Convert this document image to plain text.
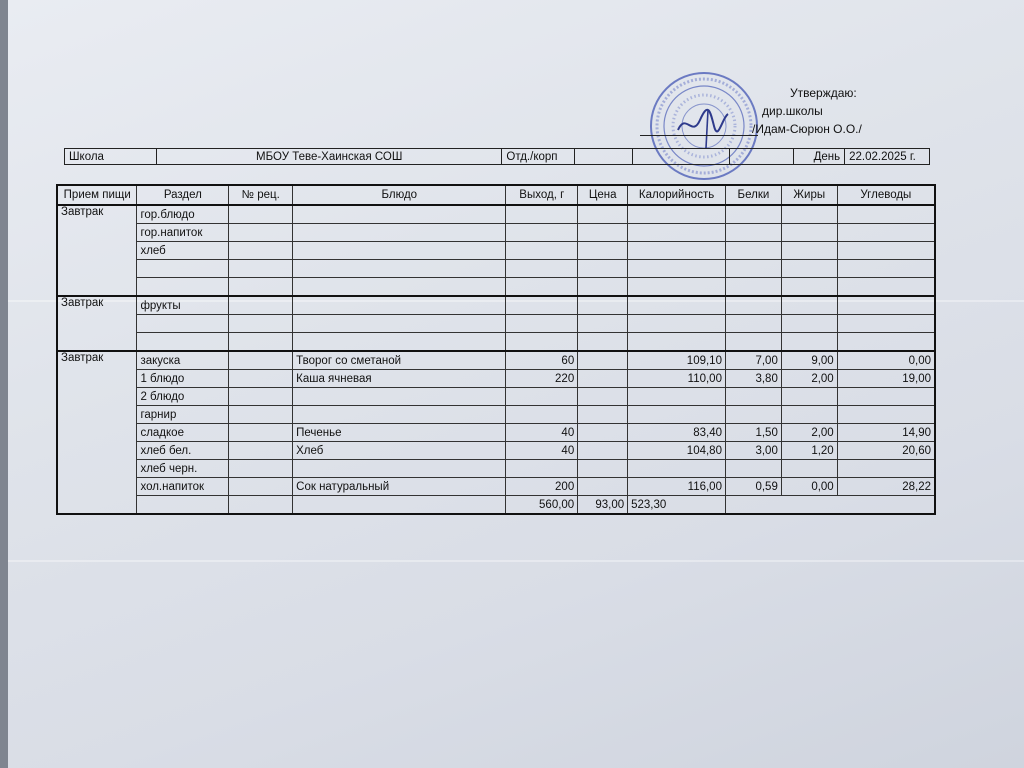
Утверждаю:
дир.школы
/Идам-Сюрюн О.О./
Школа	МБОУ Теве-Хаинская СОШ	Отд./корп				День	22.02.2025 г.
Прием пищи	Раздел	№ рец.	Блюдо	Выход, г	Цена	Калорийность	Белки	Жиры	Углеводы
Завтрак	гор.блюдо								
	гор.напиток								
	хлеб								

Завтрак	фрукты								

Завтрак	закуска		Творог со сметаной	60		109,10	7,00	9,00	0,00
	1 блюдо		Каша ячневая	220		110,00	3,80	2,00	19,00
	2 блюдо								
	гарнир								
	сладкое		Печенье	40		83,40	1,50	2,00	14,90
	хлеб бел.		Хлеб	40		104,80	3,00	1,20	20,60
	хлеб черн.								
	хол.напиток		Сок натуральный	200		116,00	0,59	0,00	28,22
				560,00	93,00	523,30			
